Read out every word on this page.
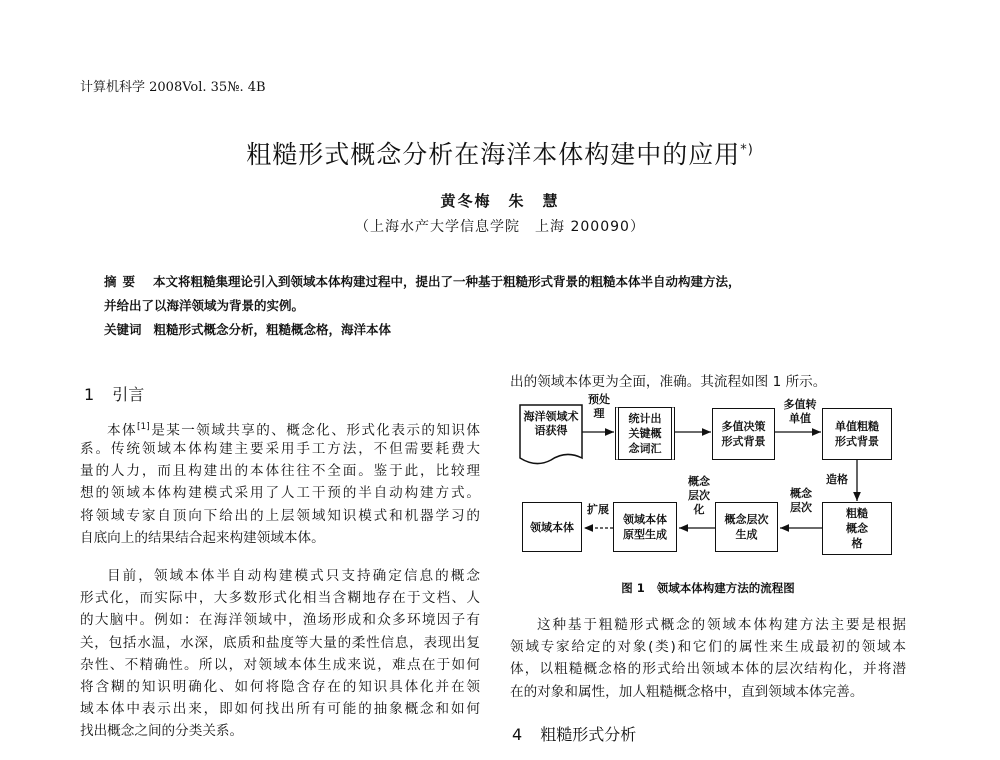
计算机科学 2008Vol. 35№. 4B
粗糙形式概念分析在海洋本体构建中的应用*)
黄冬梅　朱　慧
（上海水产大学信息学院　上海 200090）
摘要 本文将粗糙集理论引入到领域本体构建过程中，提出了一种基于粗糙形式背景的粗糙本体半自动构建方法，
并给出了以海洋领域为背景的实例。
关键词 粗糙形式概念分析，粗糙概念格，海洋本体
1 引言
本体[1]是某一领域共享的、概念化、形式化表示的知识体
系。传统领域本体构建主要采用手工方法，不但需要耗费大
量的人力，而且构建出的本体往往不全面。鉴于此，比较理
想的领域本体构建模式采用了人工干预的半自动构建方式。
将领域专家自顶向下给出的上层领域知识模式和机器学习的
自底向上的结果结合起来构建领域本体。
目前，领域本体半自动构建模式只支持确定信息的概念
形式化，而实际中，大多数形式化相当含糊地存在于文档、人
的大脑中。例如：在海洋领域中，渔场形成和众多环境因子有
关，包括水温，水深，底质和盐度等大量的柔性信息，表现出复
杂性、不精确性。所以，对领域本体生成来说，难点在于如何
将含糊的知识明确化、如何将隐含存在的知识具体化并在领
域本体中表示出来，即如何找出所有可能的抽象概念和如何
找出概念之间的分类关系。
出的领域本体更为全面，准确。其流程如图 1 所示。
海洋领域术语获得
统计出关键概念词汇
多值决策形式背景
单值粗糙形式背景
粗糙概念格
概念层次生成
领域本体原型生成
领域本体
预处理
多值转单值
造格
概念层次
概念层次化
扩展
图 1 领域本体构建方法的流程图
这种基于粗糙形式概念的领域本体构建方法主要是根据
领域专家给定的对象(类)和它们的属性来生成最初的领域本
体，以粗糙概念格的形式给出领域本体的层次结构化，并将潜
在的对象和属性，加人粗糙概念格中，直到领域本体完善。
4 粗糙形式分析
